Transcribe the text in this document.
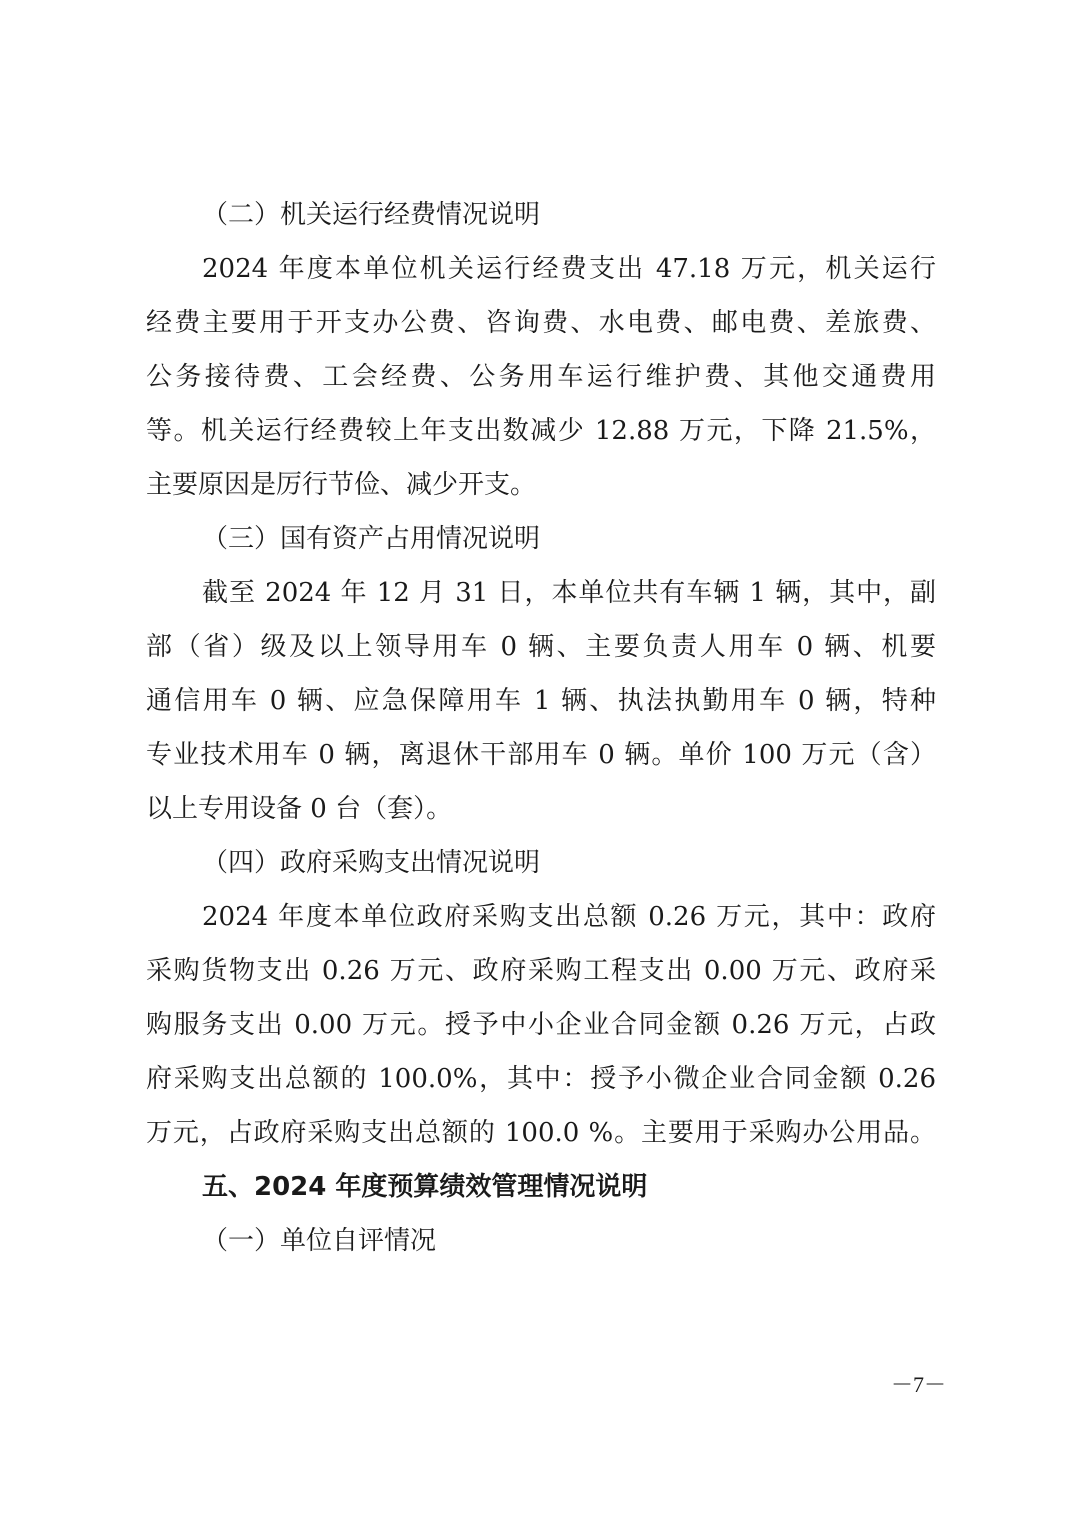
（二）机关运行经费情况说明
2024 年度本单位机关运行经费支出 47.18 万元，机关运行
经费主要用于开支办公费、咨询费、水电费、邮电费、差旅费、
公务接待费、工会经费、公务用车运行维护费、其他交通费用
等。机关运行经费较上年支出数减少 12.88 万元，下降 21.5%，
主要原因是厉行节俭、减少开支。
（三）国有资产占用情况说明
截至 2024 年 12 月 31 日，本单位共有车辆 1 辆，其中，副
部（省）级及以上领导用车 0 辆、主要负责人用车 0 辆、机要
通信用车 0 辆、应急保障用车 1 辆、执法执勤用车 0 辆，特种
专业技术用车 0 辆，离退休干部用车 0 辆。单价 100 万元（含）
以上专用设备 0 台（套）。
（四）政府采购支出情况说明
2024 年度本单位政府采购支出总额 0.26 万元，其中：政府
采购货物支出 0.26 万元、政府采购工程支出 0.00 万元、政府采
购服务支出 0.00 万元。授予中小企业合同金额 0.26 万元，占政
府采购支出总额的 100.0%，其中：授予小微企业合同金额 0.26
万元，占政府采购支出总额的 100.0 %。主要用于采购办公用品。
五、2024 年度预算绩效管理情况说明
（一）单位自评情况
－7－
